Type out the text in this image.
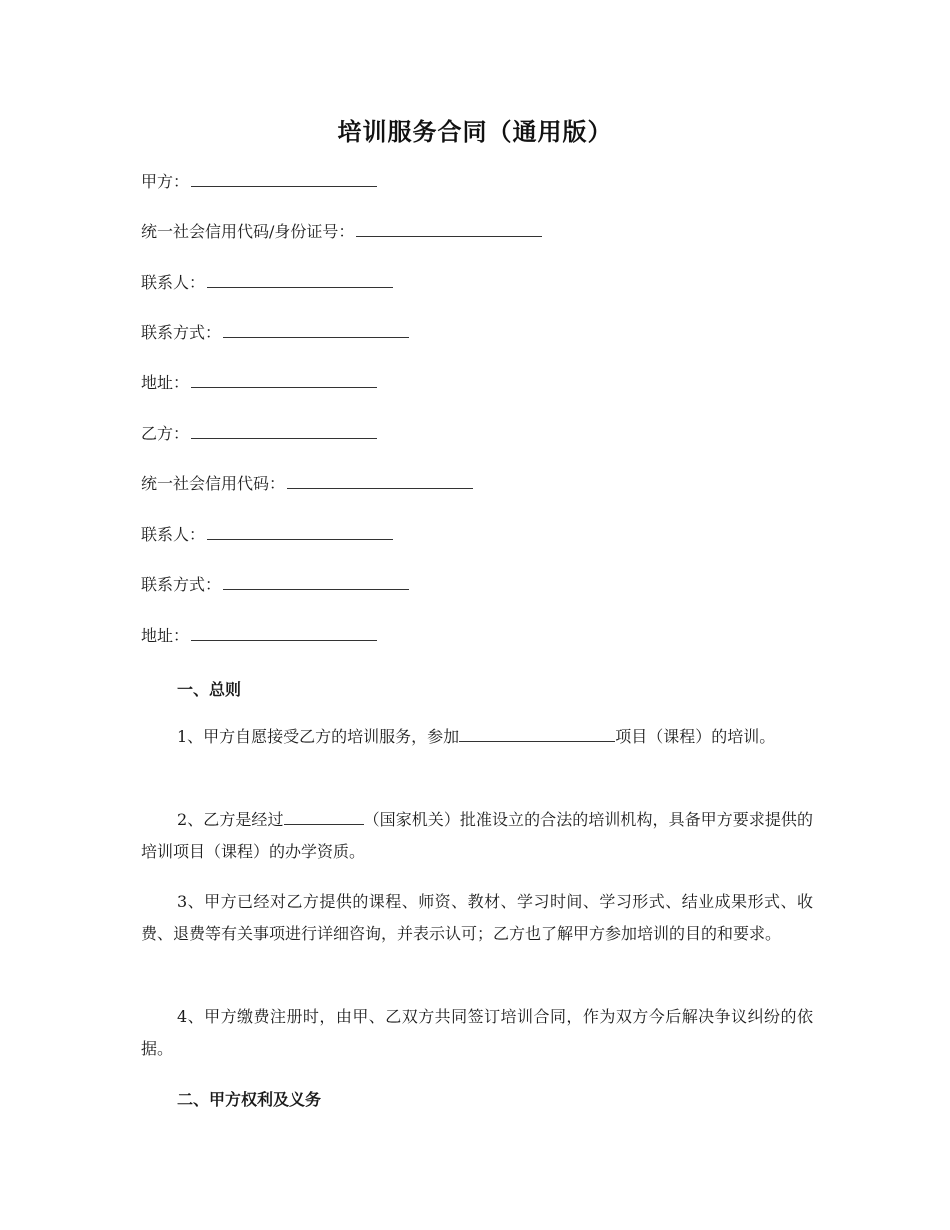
培训服务合同（通用版）
甲方：
统一社会信用代码/身份证号：
联系人：
联系方式：
地址：
乙方：
统一社会信用代码：
联系人：
联系方式：
地址：
一、总则
1、甲方自愿接受乙方的培训服务，参加	项目（课程）的培训。
2、乙方是经过	（国家机关）批准设立的合法的培训机构，具备甲方要求提供的培训项目（课程）的办学资质。
3、甲方已经对乙方提供的课程、师资、教材、学习时间、学习形式、结业成果形式、收费、退费等有关事项进行详细咨询，并表示认可；乙方也了解甲方参加培训的目的和要求。
4、甲方缴费注册时，由甲、乙双方共同签订培训合同，作为双方今后解决争议纠纷的依据。
二、甲方权利及义务
